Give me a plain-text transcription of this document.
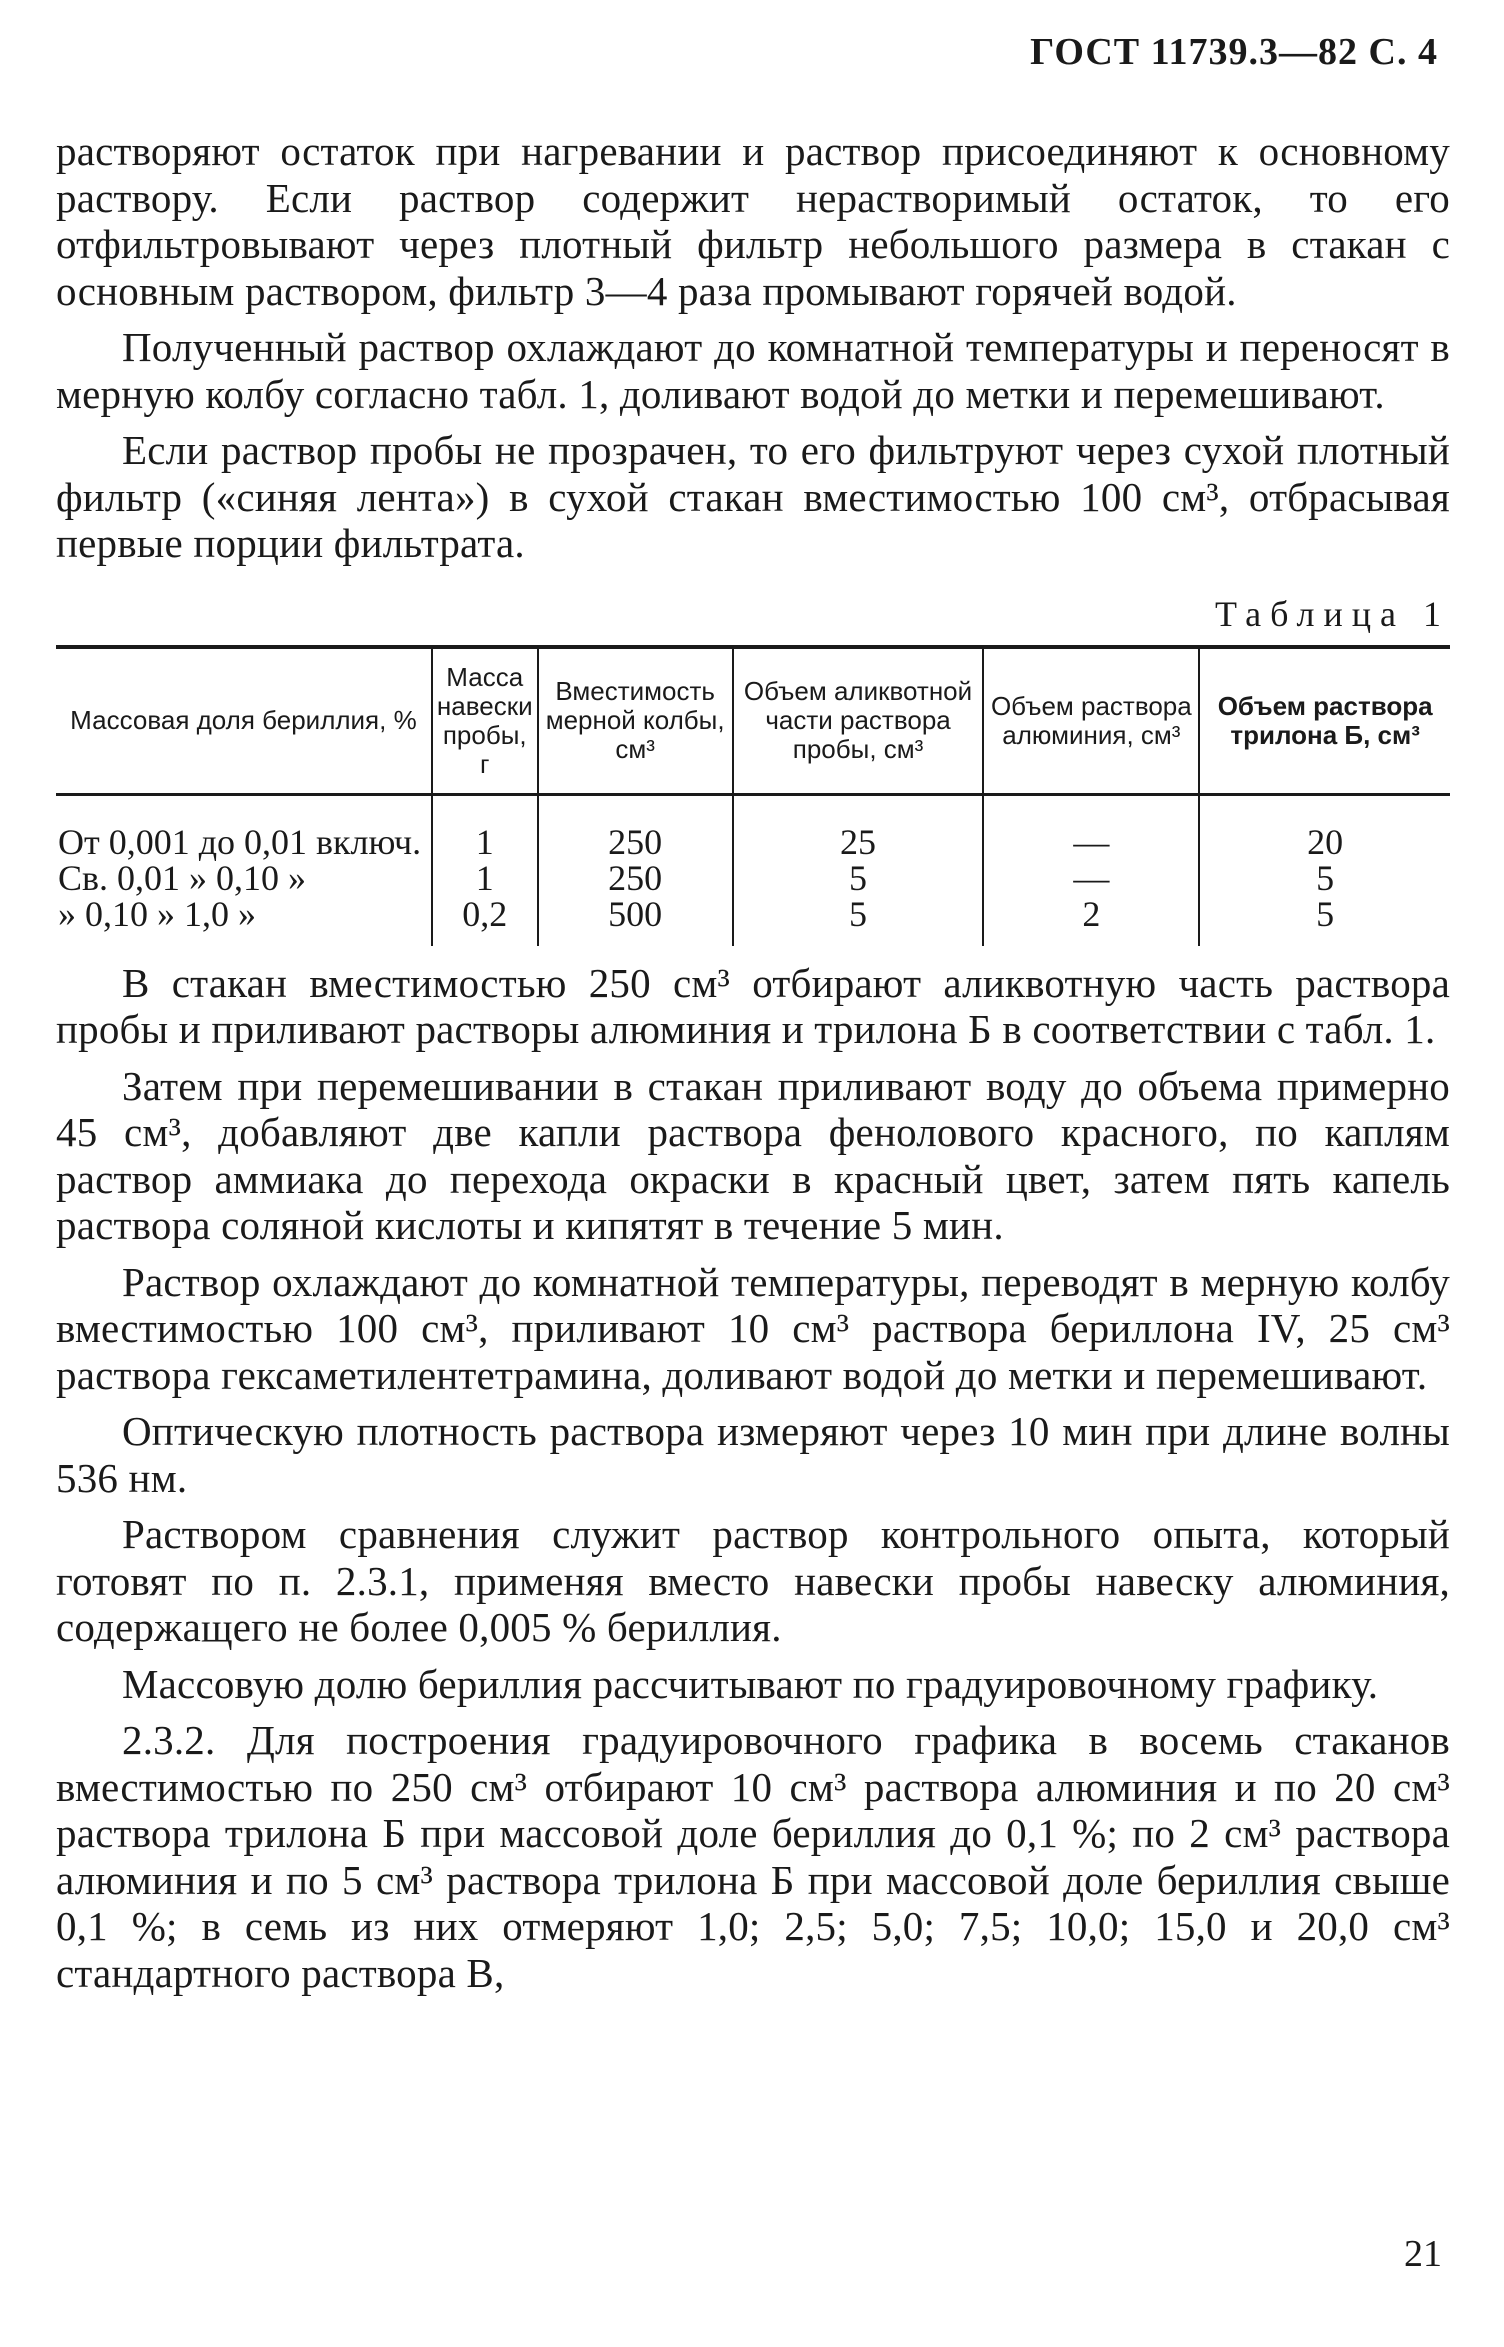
ГОСТ 11739.3—82 С. 4

растворяют остаток при нагревании и раствор присоединяют к основному раствору. Если раствор содержит нерастворимый остаток, то его отфильтровывают через плотный фильтр небольшого размера в стакан с основным раствором, фильтр 3—4 раза промывают горячей водой.

Полученный раствор охлаждают до комнатной температуры и переносят в мерную колбу согласно табл. 1, доливают водой до метки и перемешивают.

Если раствор пробы не прозрачен, то его фильтруют через сухой плотный фильтр («синяя лента») в сухой стакан вместимостью 100 см³, отбрасывая первые порции фильтрата.

Таблица 1
Массовая доля бериллия, %	Масса навески пробы, г	Вместимость мерной колбы, см³	Объем аликвотной части раствора пробы, см³	Объем раствора алюминия, см³	Объем раствора трилона Б, см³

От 0,001 до 0,01 включ.	1	250	25	—	20
Св. 0,01 » 0,10 »	1	250	5	—	5
» 0,10 » 1,0 »	0,2	500	5	2	5

В стакан вместимостью 250 см³ отбирают аликвотную часть раствора пробы и приливают растворы алюминия и трилона Б в соответствии с табл. 1.

Затем при перемешивании в стакан приливают воду до объема примерно 45 см³, добавляют две капли раствора фенолового красного, по каплям раствор аммиака до перехода окраски в красный цвет, затем пять капель раствора соляной кислоты и кипятят в течение 5 мин.

Раствор охлаждают до комнатной температуры, переводят в мерную колбу вместимостью 100 см³, приливают 10 см³ раствора бериллона IV, 25 см³ раствора гексаметилентетрамина, доливают водой до метки и перемешивают.

Оптическую плотность раствора измеряют через 10 мин при длине волны 536 нм.

Раствором сравнения служит раствор контрольного опыта, который готовят по п. 2.3.1, применяя вместо навески пробы навеску алюминия, содержащего не более 0,005 % бериллия.

Массовую долю бериллия рассчитывают по градуировочному графику.

2.3.2. Для построения градуировочного графика в восемь стаканов вместимостью по 250 см³ отбирают 10 см³ раствора алюминия и по 20 см³ раствора трилона Б при массовой доле бериллия до 0,1 %; по 2 см³ раствора алюминия и по 5 см³ раствора трилона Б при массовой доле бериллия свыше 0,1 %; в семь из них отмеряют 1,0; 2,5; 5,0; 7,5; 10,0; 15,0 и 20,0 см³ стандартного раствора В,

21
